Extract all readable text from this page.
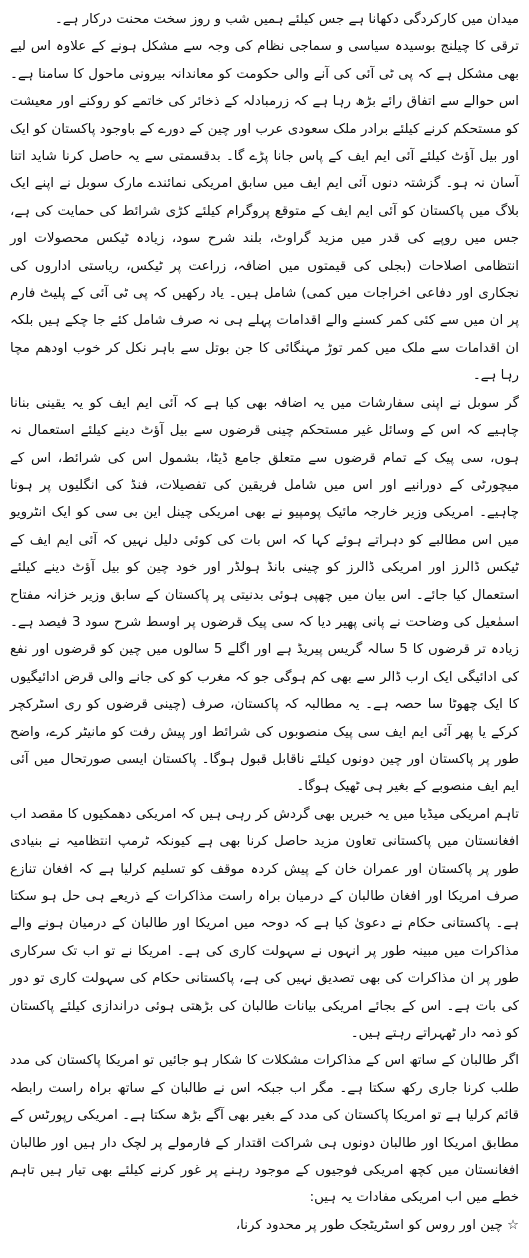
میدان میں کارکردگی دکھانا ہے جس کیلئے ہمیں شب و روز سخت محنت درکار ہے۔

ترقی کا چیلنج بوسیدہ سیاسی و سماجی نظام کی وجہ سے مشکل ہونے کے علاوہ اس لیے بھی مشکل ہے کہ پی ٹی آئی کی آنے والی حکومت کو معاندانہ بیرونی ماحول کا سامنا ہے۔ اس حوالے سے اتفاق رائے بڑھ رہا ہے کہ زرمبادلہ کے ذخائر کی خاتمے کو روکنے اور معیشت کو مستحکم کرنے کیلئے برادر ملک سعودی عرب اور چین کے دورے کے باوجود پاکستان کو ایک اور بیل آؤٹ کیلئے آئی ایم ایف کے پاس جانا پڑے گا۔ بدقسمتی سے یہ حاصل کرنا شاید اتنا آسان نہ ہو۔ گزشتہ دنوں آئی ایم ایف میں سابق امریکی نمائندے مارک سوبل نے اپنے ایک بلاگ میں پاکستان کو آئی ایم ایف کے متوقع پروگرام کیلئے کڑی شرائط کی حمایت کی ہے، جس میں روپے کی قدر میں مزید گراوٹ، بلند شرح سود، زیادہ ٹیکس محصولات اور انتظامی اصلاحات (بجلی کی قیمتوں میں اضافہ، زراعت پر ٹیکس، ریاستی اداروں کی نجکاری اور دفاعی اخراجات میں کمی) شامل ہیں۔ یاد رکھیں کہ پی ٹی آئی کے پلیٹ فارم پر ان میں سے کئی کمر کسنے والے اقدامات پہلے ہی نہ صرف شامل کئے جا چکے ہیں بلکہ ان اقدامات سے ملک میں کمر توڑ مہنگائی کا جن بوتل سے باہر نکل کر خوب اودھم مچا رہا ہے۔

گر سوبل نے اپنی سفارشات میں یہ اضافہ بھی کیا ہے کہ آئی ایم ایف کو یہ یقینی بنانا چاہیے کہ اس کے وسائل غیر مستحکم چینی قرضوں سے بیل آؤٹ دینے کیلئے استعمال نہ ہوں، سی پیک کے تمام قرضوں سے متعلق جامع ڈیٹا، بشمول اس کی شرائط، اس کے میچورٹی کے دورانیے اور اس میں شامل فریقین کی تفصیلات، فنڈ کی انگلیوں پر ہونا چاہیے۔ امریکی وزیر خارجہ مائیک پومپیو نے بھی امریکی چینل این بی سی کو ایک انٹرویو میں اس مطالبے کو دہراتے ہوئے کہا کہ اس بات کی کوئی دلیل نہیں کہ آئی ایم ایف کے ٹیکس ڈالرز اور امریکی ڈالرز کو چینی بانڈ ہولڈر اور خود چین کو بیل آؤٹ دینے کیلئے استعمال کیا جائے۔ اس بیان میں چھپی ہوئی بدنیتی پر پاکستان کے سابق وزیر خزانہ مفتاح اسمٰعیل کی وضاحت نے پانی پھیر دیا کہ سی پیک قرضوں پر اوسط شرح سود 3 فیصد ہے۔ زیادہ تر قرضوں کا 5 سالہ گریس پیریڈ ہے اور اگلے 5 سالوں میں چین کو قرضوں اور نفع کی ادائیگی ایک ارب ڈالر سے بھی کم ہوگی جو کہ مغرب کو کی جانے والی قرض ادائیگیوں کا ایک چھوٹا سا حصہ ہے۔ یہ مطالبہ کہ پاکستان، صرف (چینی قرضوں کو ری اسٹرکچر کرکے یا پھر آئی ایم ایف سی پیک منصوبوں کی شرائط اور پیش رفت کو مانیٹر کرے، واضح طور پر پاکستان اور چین دونوں کیلئے ناقابل قبول ہوگا۔ پاکستان ایسی صورتحال میں آئی ایم ایف منصوبے کے بغیر ہی ٹھیک ہوگا۔

تاہم امریکی میڈیا میں یہ خبریں بھی گردش کر رہی ہیں کہ امریکی دھمکیوں کا مقصد اب افغانستان میں پاکستانی تعاون مزید حاصل کرنا بھی ہے کیونکہ ٹرمپ انتظامیہ نے بنیادی طور پر پاکستان اور عمران خان کے پیش کردہ موقف کو تسلیم کرلیا ہے کہ افغان تنازع صرف امریکا اور افغان طالبان کے درمیان براہ راست مذاکرات کے ذریعے ہی حل ہو سکتا ہے۔ پاکستانی حکام نے دعویٰ کیا ہے کہ دوحہ میں امریکا اور طالبان کے درمیان ہونے والے مذاکرات میں مبینہ طور پر انہوں نے سہولت کاری کی ہے۔ امریکا نے تو اب تک سرکاری طور پر ان مذاکرات کی بھی تصدیق نہیں کی ہے، پاکستانی حکام کی سہولت کاری تو دور کی بات ہے۔ اس کے بجائے امریکی بیانات طالبان کی بڑھتی ہوئی دراندازی کیلئے پاکستان کو ذمہ دار ٹھہراتے رہتے ہیں۔

اگر طالبان کے ساتھ اس کے مذاکرات مشکلات کا شکار ہو جائیں تو امریکا پاکستان کی مدد طلب کرنا جاری رکھ سکتا ہے۔ مگر اب جبکہ اس نے طالبان کے ساتھ براہ راست رابطہ قائم کرلیا ہے تو امریکا پاکستان کی مدد کے بغیر بھی آگے بڑھ سکتا ہے۔ امریکی رپورٹس کے مطابق امریکا اور طالبان دونوں ہی شراکت اقتدار کے فارمولے پر لچک دار ہیں اور طالبان افغانستان میں کچھ امریکی فوجیوں کے موجود رہنے پر غور کرنے کیلئے بھی تیار ہیں تاہم خطے میں اب امریکی مفادات یہ ہیں:

☆ چین اور روس کو اسٹریٹجک طور پر محدود کرنا،
